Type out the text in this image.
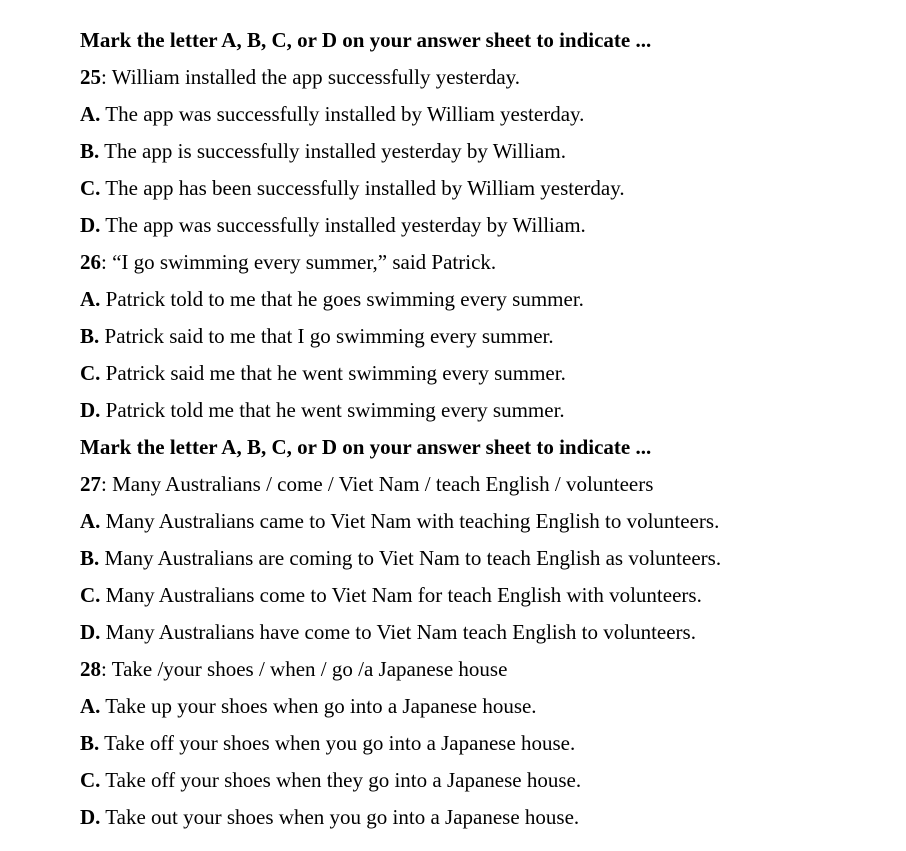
Mark the letter A, B, C, or D on your answer sheet to indicate ...
25: William installed the app successfully yesterday.
A. The app was successfully installed by William yesterday.
B. The app is successfully installed yesterday by William.
C. The app has been successfully installed by William yesterday.
D. The app was successfully installed yesterday by William.
26: “I go swimming every summer,” said Patrick.
A. Patrick told to me that he goes swimming every summer.
B. Patrick said to me that I go swimming every summer.
C. Patrick said me that he went swimming every summer.
D. Patrick told me that he went swimming every summer.
Mark the letter A, B, C, or D on your answer sheet to indicate ...
27: Many Australians / come / Viet Nam / teach English / volunteers
A. Many Australians came to Viet Nam with teaching English to volunteers.
B. Many Australians are coming to Viet Nam to teach English as volunteers.
C. Many Australians come to Viet Nam for teach English with volunteers.
D. Many Australians have come to Viet Nam teach English to volunteers.
28: Take /your shoes / when / go /a Japanese house
A. Take up your shoes when go into a Japanese house.
B. Take off your shoes when you go into a Japanese house.
C. Take off your shoes when they go into a Japanese house.
D. Take out your shoes when you go into a Japanese house.
